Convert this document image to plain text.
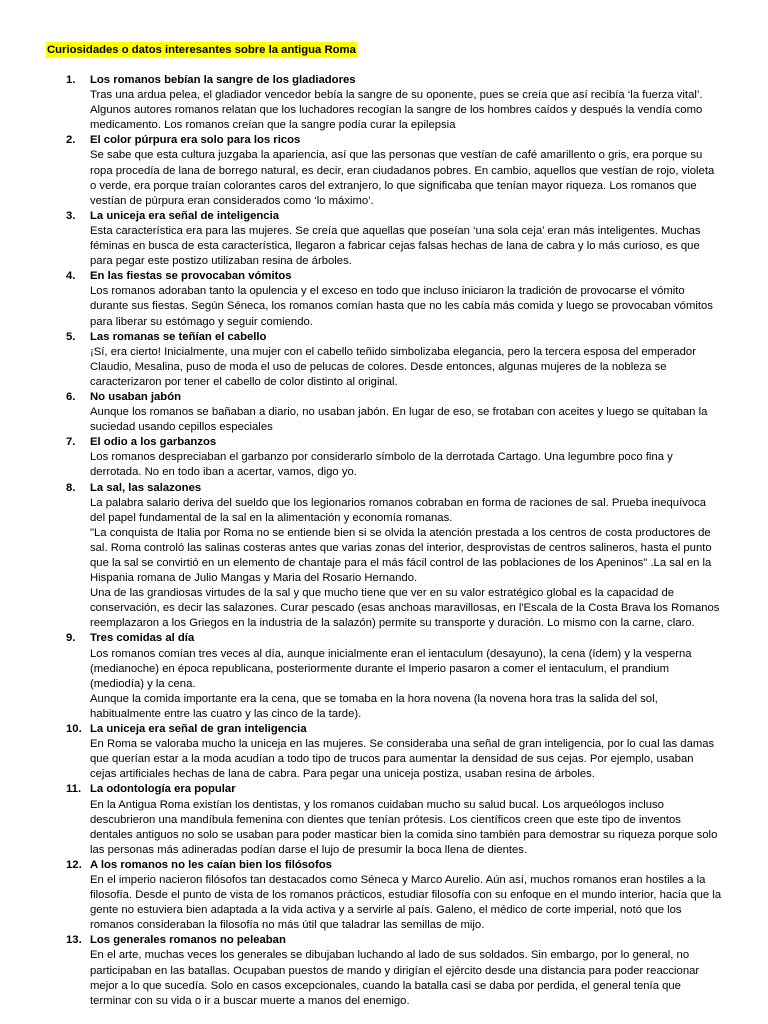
Curiosidades o datos interesantes sobre la antigua Roma
1. Los romanos bebían la sangre de los gladiadores
Tras una ardua pelea, el gladiador vencedor bebía la sangre de su oponente, pues se creía que así recibía ‘la fuerza vital’.
Algunos autores romanos relatan que los luchadores recogían la sangre de los hombres caídos y después la vendía como
medicamento. Los romanos creían que la sangre podía curar la epilepsia
2. El color púrpura era solo para los ricos
Se sabe que esta cultura juzgaba la apariencia, así que las personas que vestían de café amarillento o gris, era porque su
ropa procedía de lana de borrego natural, es decir, eran ciudadanos pobres. En cambio, aquellos que vestían de rojo, violeta
o verde, era porque traían colorantes caros del extranjero, lo que significaba que tenían mayor riqueza. Los romanos que
vestían de púrpura eran considerados como ‘lo máximo’.
3. La uniceja era señal de inteligencia
Esta característica era para las mujeres. Se creía que aquellas que poseían ‘una sola ceja’ eran más inteligentes. Muchas
féminas en busca de esta característica, llegaron a fabricar cejas falsas hechas de lana de cabra y lo más curioso, es que
para pegar este postizo utilizaban resina de árboles.
4. En las fiestas se provocaban vómitos
Los romanos adoraban tanto la opulencia y el exceso en todo que incluso iniciaron la tradición de provocarse el vómito
durante sus fiestas. Según Séneca, los romanos comían hasta que no les cabía más comida y luego se provocaban vómitos
para liberar su estómago y seguir comiendo.
5. Las romanas se teñían el cabello
¡Sí, era cierto! Inicialmente, una mujer con el cabello teñido simbolizaba elegancia, pero la tercera esposa del emperador
Claudio, Mesalina, puso de moda el uso de pelucas de colores. Desde entonces, algunas mujeres de la nobleza se
caracterizaron por tener el cabello de color distinto al original.
6. No usaban jabón
Aunque los romanos se bañaban a diario, no usaban jabón. En lugar de eso, se frotaban con aceites y luego se quitaban la
suciedad usando cepillos especiales
7. El odio a los garbanzos
Los romanos despreciaban el garbanzo por considerarlo símbolo de la derrotada Cartago. Una legumbre poco fina y
derrotada. No en todo iban a acertar, vamos, digo yo.
8. La sal, las salazones
La palabra salario deriva del sueldo que los legionarios romanos cobraban en forma de raciones de sal. Prueba inequívoca
del papel fundamental de la sal en la alimentación y economía romanas.
"La conquista de Italia por Roma no se entiende bien si se olvida la atención prestada a los centros de costa productores de
sal. Roma controló las salinas costeras antes que varias zonas del interior, desprovistas de centros salineros, hasta el punto
que la sal se convirtió en un elemento de chantaje para el más fácil control de las poblaciones de los Apeninos" .La sal en la
Hispania romana de Julio Mangas y Maria del Rosario Hernando.
Una de las grandiosas virtudes de la sal y que mucho tiene que ver en su valor estratégico global es la capacidad de
conservación, es decir las salazones. Curar pescado (esas anchoas maravillosas, en l'Escala de la Costa Brava los Romanos
reemplazaron a los Griegos en la industria de la salazón) permite su transporte y duración. Lo mismo con la carne, claro.
9. Tres comidas al día
Los romanos comían tres veces al día, aunque inicialmente eran el ientaculum (desayuno), la cena (ídem) y la vesperna
(medianoche) en época republicana, posteriormente durante el Imperio pasaron a comer el ientaculum, el prandium
(mediodía) y la cena.
Aunque la comida importante era la cena, que se tomaba en la hora novena (la novena hora tras la salida del sol,
habitualmente entre las cuatro y las cinco de la tarde).
10. La uniceja era señal de gran inteligencia
En Roma se valoraba mucho la uniceja en las mujeres. Se consideraba una señal de gran inteligencia, por lo cual las damas
que querían estar a la moda acudían a todo tipo de trucos para aumentar la densidad de sus cejas. Por ejemplo, usaban
cejas artificiales hechas de lana de cabra. Para pegar una uniceja postiza, usaban resina de árboles.
11. La odontología era popular
En la Antigua Roma existían los dentistas, y los romanos cuidaban mucho su salud bucal. Los arqueólogos incluso
descubrieron una mandíbula femenina con dientes que tenían prótesis. Los científicos creen que este tipo de inventos
dentales antiguos no solo se usaban para poder masticar bien la comida sino también para demostrar su riqueza porque solo
las personas más adineradas podían darse el lujo de presumir la boca llena de dientes.
12. A los romanos no les caían bien los filósofos
En el imperio nacieron filósofos tan destacados como Séneca y Marco Aurelio. Aún así, muchos romanos eran hostiles a la
filosofía. Desde el punto de vista de los romanos prácticos, estudiar filosofía con su enfoque en el mundo interior, hacía que la
gente no estuviera bien adaptada a la vida activa y a servirle al país. Galeno, el médico de corte imperial, notó que los
romanos consideraban la filosofía no más útil que taladrar las semillas de mijo.
13. Los generales romanos no peleaban
En el arte, muchas veces los generales se dibujaban luchando al lado de sus soldados. Sin embargo, por lo general, no
participaban en las batallas. Ocupaban puestos de mando y dirigían el ejército desde una distancia para poder reaccionar
mejor a lo que sucedía. Solo en casos excepcionales, cuando la batalla casi se daba por perdida, el general tenía que
terminar con su vida o ir a buscar muerte a manos del enemigo.
